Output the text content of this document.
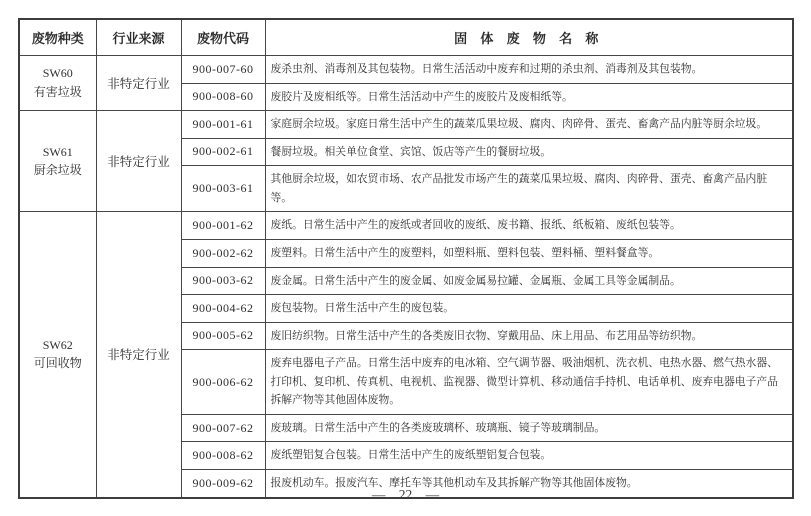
废物种类	行业来源	废物代码	固 体 废 物 名 称

SW60
有害垃圾	非特定行业	900-007-60	废杀虫剂、消毒剂及其包装物。日常生活活动中废弃和过期的杀虫剂、消毒剂及其包装物。
		900-008-60	废胶片及废相纸等。日常生活活动中产生的废胶片及废相纸等。

SW61
厨余垃圾	非特定行业	900-001-61	家庭厨余垃圾。家庭日常生活中产生的蔬菜瓜果垃圾、腐肉、肉碎骨、蛋壳、畜禽产品内脏等厨余垃圾。
		900-002-61	餐厨垃圾。相关单位食堂、宾馆、饭店等产生的餐厨垃圾。
		900-003-61	其他厨余垃圾，如农贸市场、农产品批发市场产生的蔬菜瓜果垃圾、腐肉、肉碎骨、蛋壳、畜禽产品内脏等。

SW62
可回收物	非特定行业	900-001-62	废纸。日常生活中产生的废纸或者回收的废纸、废书籍、报纸、纸板箱、废纸包装等。
		900-002-62	废塑料。日常生活中产生的废塑料，如塑料瓶、塑料包装、塑料桶、塑料餐盒等。
		900-003-62	废金属。日常生活中产生的废金属、如废金属易拉罐、金属瓶、金属工具等金属制品。
		900-004-62	废包装物。日常生活中产生的废包装。
		900-005-62	废旧纺织物。日常生活中产生的各类废旧衣物、穿戴用品、床上用品、布艺用品等纺织物。
		900-006-62	废弃电器电子产品。日常生活中废弃的电冰箱、空气调节器、吸油烟机、洗衣机、电热水器、燃气热水器、打印机、复印机、传真机、电视机、监视器、微型计算机、移动通信手持机、电话单机、废弃电器电子产品拆解产物等其他固体废物。
		900-007-62	废玻璃。日常生活中产生的各类废玻璃杯、玻璃瓶、镜子等玻璃制品。
		900-008-62	废纸塑铝复合包装。日常生活中产生的废纸塑铝复合包装。
		900-009-62	报废机动车。报废汽车、摩托车等其他机动车及其拆解产物等其他固体废物。
— 22 —
